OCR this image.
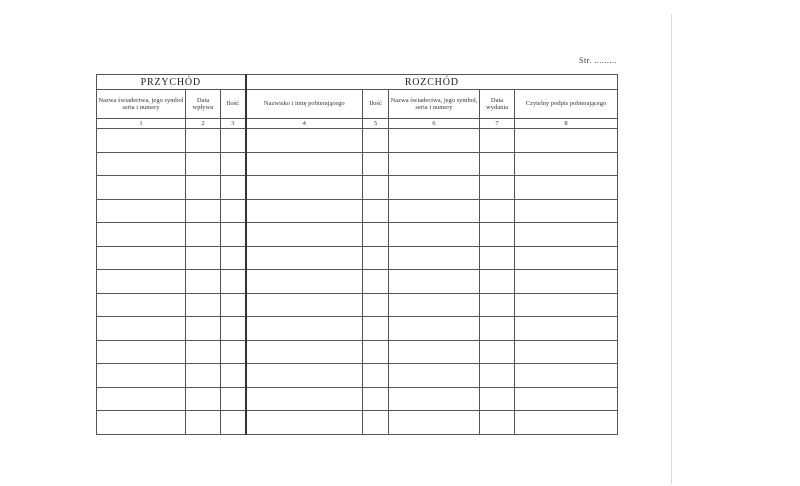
Str. .........
PRZYCHÓD			ROZCHÓD				
Nazwa świadectwa, jego symbol seria i numery	Data wpływu	Ilość	Nazwisko i imię pobierającego	Ilość	Nazwa świadectwa, jego symbol, seria i numery	Data wydania	Czytelny podpis pobierającego
1	2	3	4	5	6	7	8
